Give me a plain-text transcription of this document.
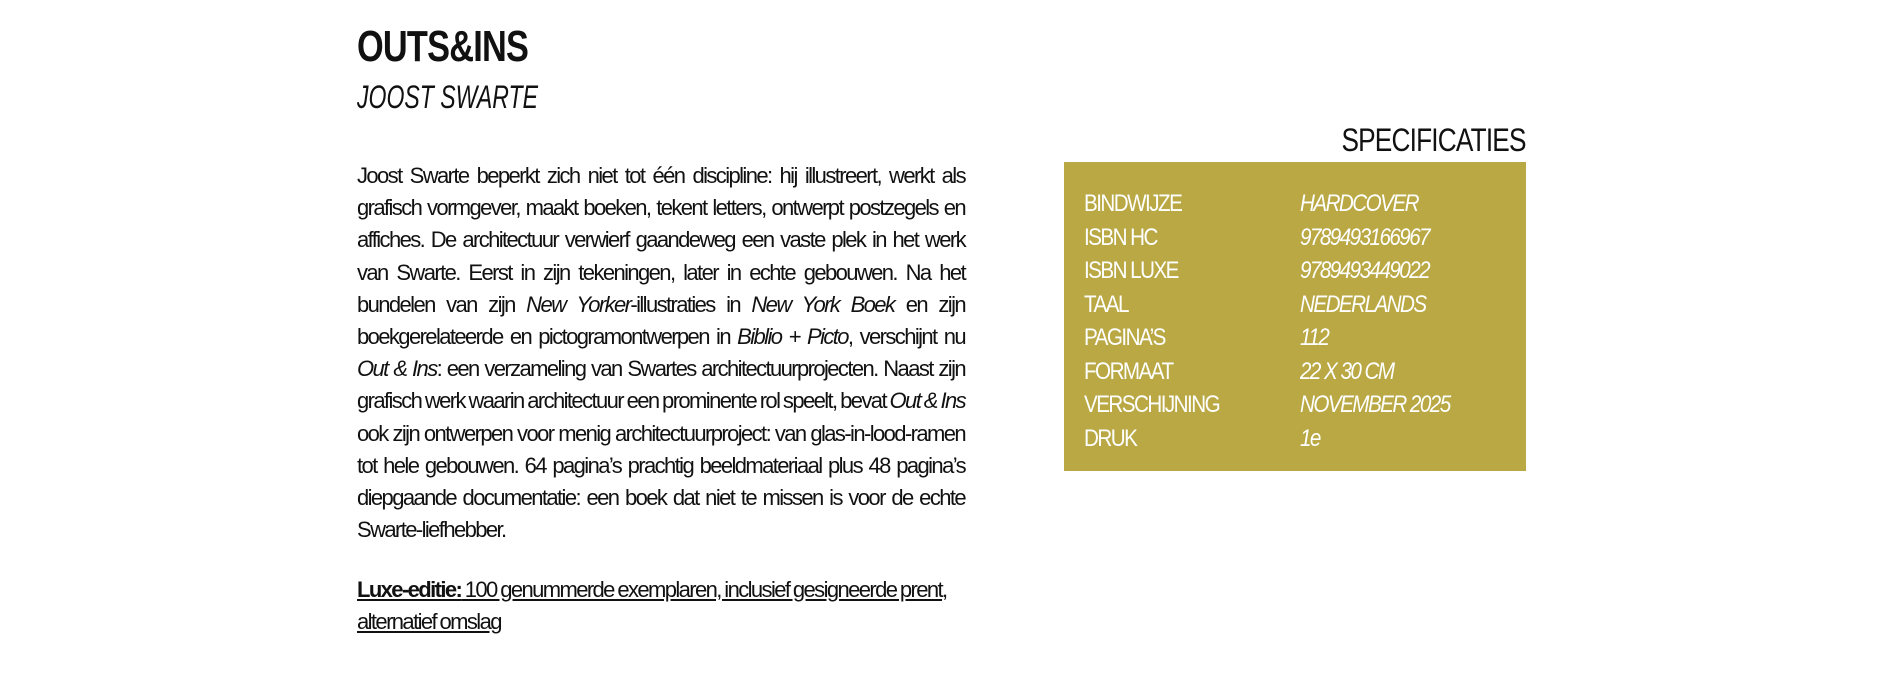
OUTS&INS
JOOST SWARTE

Joost Swarte beperkt zich niet tot één discipline: hij illustreert, werkt als grafisch vormgever, maakt boeken, tekent letters, ontwerpt postzegels en affiches. De architectuur verwierf gaandeweg een vaste plek in het werk van Swarte. Eerst in zijn tekeningen, later in echte gebouwen. Na het bundelen van zijn New Yorker-illustraties in New York Boek en zijn boekgerelateerde en pictogramontwerpen in Biblio + Picto, verschijnt nu Out & Ins: een verzameling van Swartes architectuurprojecten. Naast zijn grafisch werk waarin architectuur een prominente rol speelt, bevat Out & Ins ook zijn ontwerpen voor menig architectuurproject: van glas-in-lood-ramen tot hele gebouwen. 64 pagina’s prachtig beeldmateriaal plus 48 pagina’s diepgaande documentatie: een boek dat niet te missen is voor de echte Swarte-liefhebber.

Luxe-editie: 100 genummerde exemplaren, inclusief gesigneerde prent, alternatief omslag

SPECIFICATIES
BINDWIJZE	HARDCOVER
ISBN HC	9789493166967
ISBN LUXE	9789493449022
TAAL	NEDERLANDS
PAGINA’S	112
FORMAAT	22 X 30 CM
VERSCHIJNING	NOVEMBER 2025
DRUK	1e
